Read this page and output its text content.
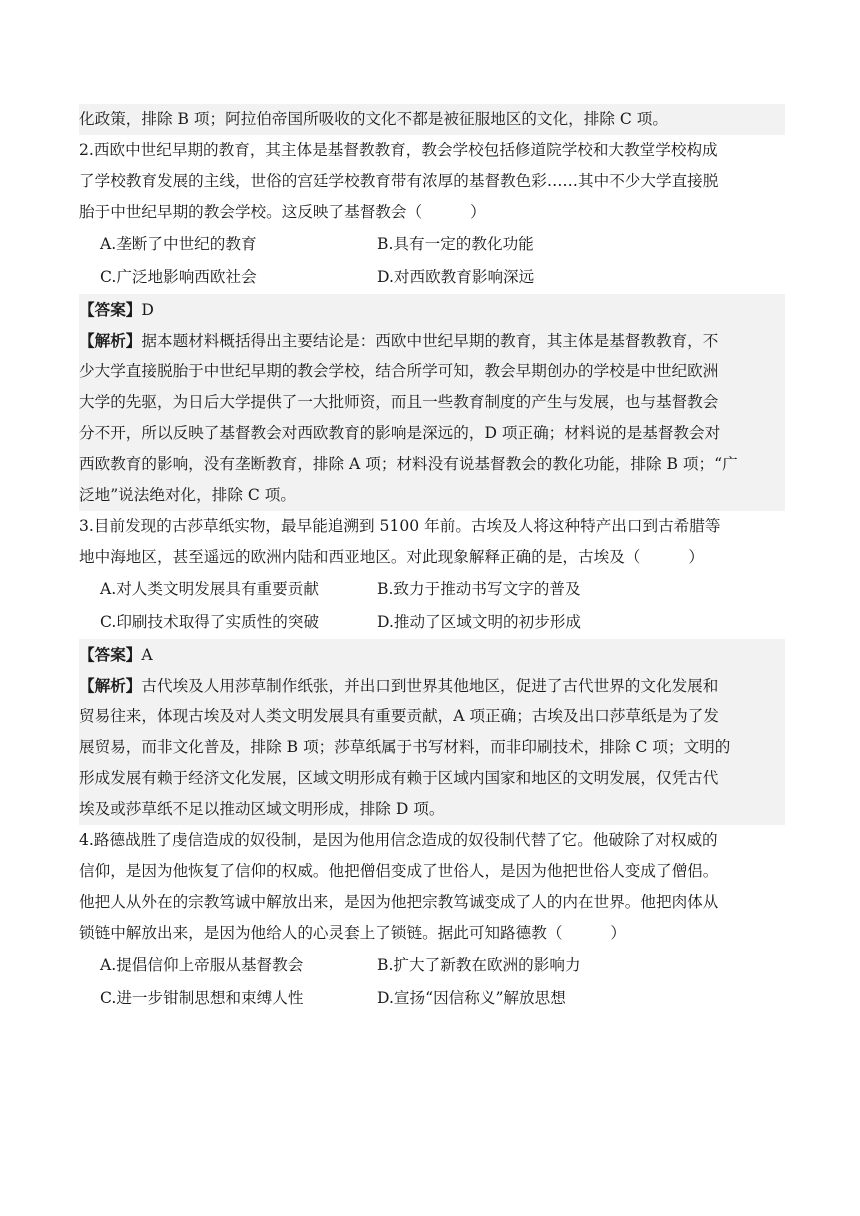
化政策，排除 B 项；阿拉伯帝国所吸收的文化不都是被征服地区的文化，排除 C 项。
2.西欧中世纪早期的教育，其主体是基督教教育，教会学校包括修道院学校和大教堂学校构成
了学校教育发展的主线，世俗的宫廷学校教育带有浓厚的基督教色彩……其中不少大学直接脱
胎于中世纪早期的教会学校。这反映了基督教会（	）
A.垄断了中世纪的教育	B.具有一定的教化功能
C.广泛地影响西欧社会	D.对西欧教育影响深远
【答案】D
【解析】据本题材料概括得出主要结论是：西欧中世纪早期的教育，其主体是基督教教育，不
少大学直接脱胎于中世纪早期的教会学校，结合所学可知，教会早期创办的学校是中世纪欧洲
大学的先驱，为日后大学提供了一大批师资，而且一些教育制度的产生与发展，也与基督教会
分不开，所以反映了基督教会对西欧教育的影响是深远的，D 项正确；材料说的是基督教会对
西欧教育的影响，没有垄断教育，排除 A 项；材料没有说基督教会的教化功能，排除 B 项；“广
泛地”说法绝对化，排除 C 项。
3.目前发现的古莎草纸实物，最早能追溯到 5100 年前。古埃及人将这种特产出口到古希腊等
地中海地区，甚至遥远的欧洲内陆和西亚地区。对此现象解释正确的是，古埃及（	）
A.对人类文明发展具有重要贡献	B.致力于推动书写文字的普及
C.印刷技术取得了实质性的突破	D.推动了区域文明的初步形成
【答案】A
【解析】古代埃及人用莎草制作纸张，并出口到世界其他地区，促进了古代世界的文化发展和
贸易往来，体现古埃及对人类文明发展具有重要贡献，A 项正确；古埃及出口莎草纸是为了发
展贸易，而非文化普及，排除 B 项；莎草纸属于书写材料，而非印刷技术，排除 C 项；文明的
形成发展有赖于经济文化发展，区域文明形成有赖于区域内国家和地区的文明发展，仅凭古代
埃及或莎草纸不足以推动区域文明形成，排除 D 项。
4.路德战胜了虔信造成的奴役制，是因为他用信念造成的奴役制代替了它。他破除了对权威的
信仰，是因为他恢复了信仰的权威。他把僧侣变成了世俗人，是因为他把世俗人变成了僧侣。
他把人从外在的宗教笃诚中解放出来，是因为他把宗教笃诚变成了人的内在世界。他把肉体从
锁链中解放出来，是因为他给人的心灵套上了锁链。据此可知路德教（	）
A.提倡信仰上帝服从基督教会	B.扩大了新教在欧洲的影响力
C.进一步钳制思想和束缚人性	D.宣扬“因信称义”解放思想
